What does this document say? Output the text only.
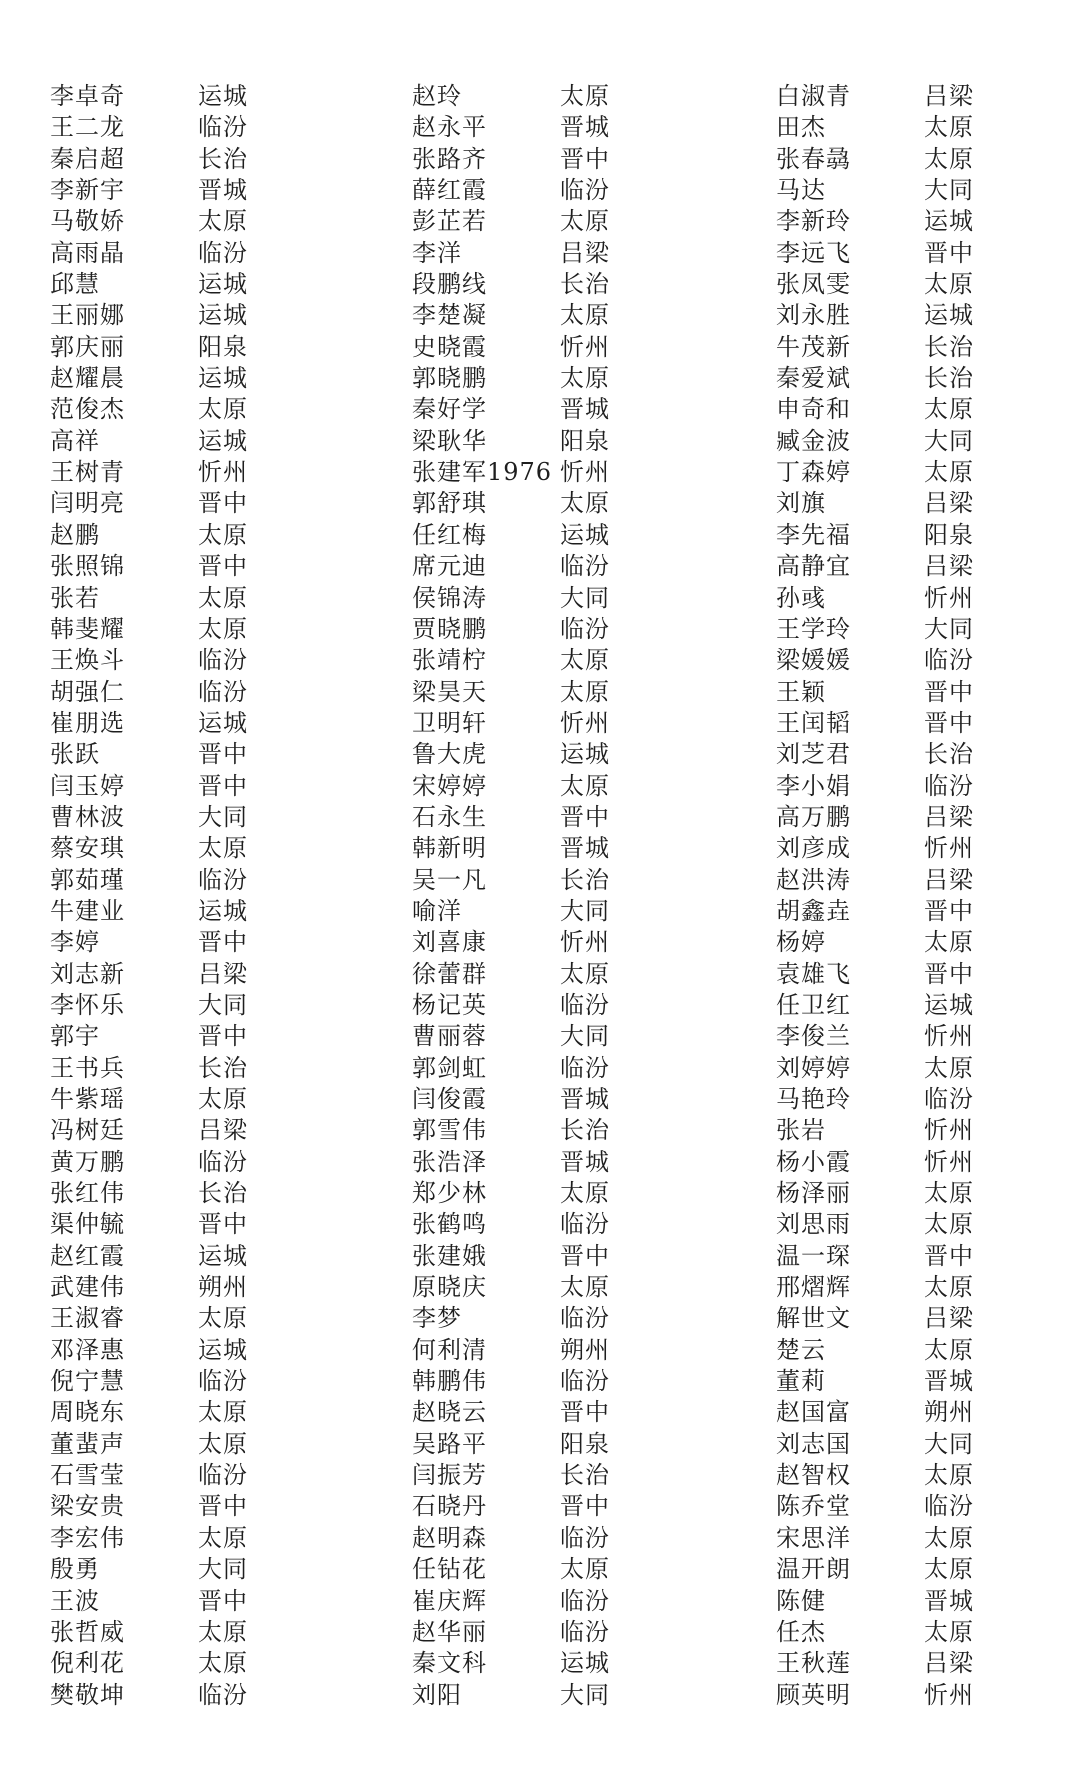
李卓奇	运城
王二龙	临汾
秦启超	长治
李新宇	晋城
马敬娇	太原
高雨晶	临汾
邱慧	运城
王丽娜	运城
郭庆丽	阳泉
赵耀晨	运城
范俊杰	太原
高祥	运城
王树青	忻州
闫明亮	晋中
赵鹏	太原
张照锦	晋中
张若	太原
韩斐耀	太原
王焕斗	临汾
胡强仁	临汾
崔朋选	运城
张跃	晋中
闫玉婷	晋中
曹林波	大同
蔡安琪	太原
郭茹瑾	临汾
牛建业	运城
李婷	晋中
刘志新	吕梁
李怀乐	大同
郭宇	晋中
王书兵	长治
牛紫瑶	太原
冯树廷	吕梁
黄万鹏	临汾
张红伟	长治
渠仲毓	晋中
赵红霞	运城
武建伟	朔州
王淑睿	太原
邓泽惠	运城
倪宁慧	临汾
周晓东	太原
董蜚声	太原
石雪莹	临汾
梁安贵	晋中
李宏伟	太原
殷勇	大同
王波	晋中
张哲威	太原
倪利花	太原
樊敬坤	临汾
赵玲	太原
赵永平	晋城
张路齐	晋中
薛红霞	临汾
彭芷若	太原
李洋	吕梁
段鹏线	长治
李楚凝	太原
史晓霞	忻州
郭晓鹏	太原
秦好学	晋城
梁耿华	阳泉
张建军1976 忻州
郭舒琪	太原
任红梅	运城
席元迪	临汾
侯锦涛	大同
贾晓鹏	临汾
张靖柠	太原
梁昊天	太原
卫明轩	忻州
鲁大虎	运城
宋婷婷	太原
石永生	晋中
韩新明	晋城
吴一凡	长治
喻洋	大同
刘喜康	忻州
徐蕾群	太原
杨记英	临汾
曹丽蓉	大同
郭剑虹	临汾
闫俊霞	晋城
郭雪伟	长治
张浩泽	晋城
郑少林	太原
张鹤鸣	临汾
张建娥	晋中
原晓庆	太原
李梦	临汾
何利清	朔州
韩鹏伟	临汾
赵晓云	晋中
吴路平	阳泉
闫振芳	长治
石晓丹	晋中
赵明森	临汾
任钻花	太原
崔庆辉	临汾
赵华丽	临汾
秦文科	运城
刘阳	大同
白淑青	吕梁
田杰	太原
张春骉	太原
马达	大同
李新玲	运城
李远飞	晋中
张凤雯	太原
刘永胜	运城
牛茂新	长治
秦爱斌	长治
申奇和	太原
臧金波	大同
丁森婷	太原
刘旗	吕梁
李先福	阳泉
高静宜	吕梁
孙彧	忻州
王学玲	大同
梁媛媛	临汾
王颖	晋中
王闰韬	晋中
刘芝君	长治
李小娟	临汾
高万鹏	吕梁
刘彦成	忻州
赵洪涛	吕梁
胡鑫垚	晋中
杨婷	太原
袁雄飞	晋中
任卫红	运城
李俊兰	忻州
刘婷婷	太原
马艳玲	临汾
张岩	忻州
杨小霞	忻州
杨泽丽	太原
刘思雨	太原
温一琛	晋中
邢熠辉	太原
解世文	吕梁
楚云	太原
董莉	晋城
赵国富	朔州
刘志国	大同
赵智权	太原
陈乔堂	临汾
宋思洋	太原
温开朗	太原
陈健	晋城
任杰	太原
王秋莲	吕梁
顾英明	忻州
